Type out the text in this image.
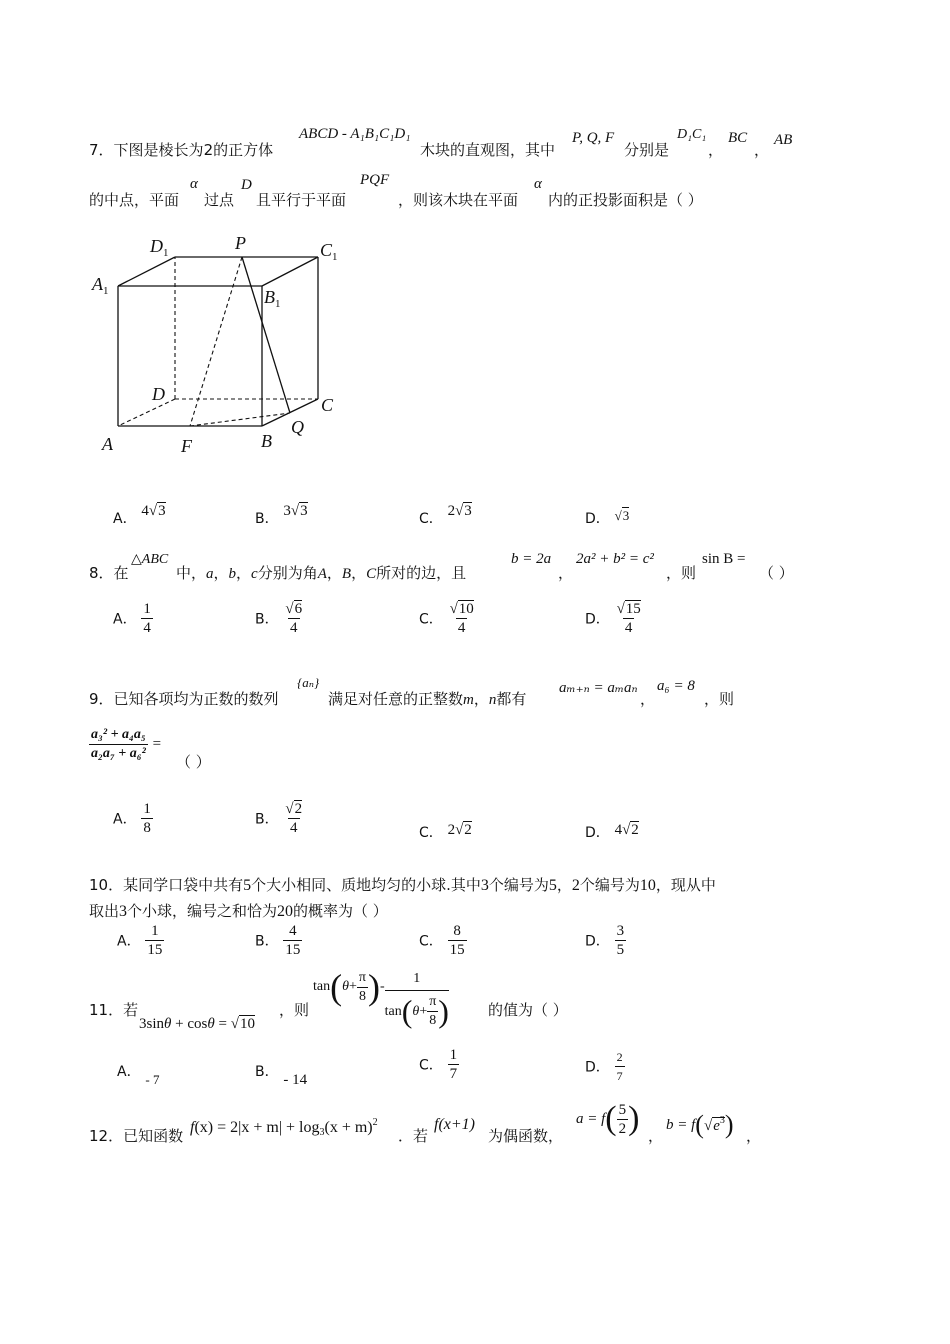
7．下图是棱长为2的正方体
ABCD - A₁B₁C₁D₁
木块的直观图，其中
P, Q, F
分别是
D₁C₁
，
BC
，
AB
的中点，平面
α
过点
D
且平行于平面
PQF
，则该木块在平面
α
内的正投影面积是（ ）
$D_1$	P	$C_1$
$A_1$	$B_1$
D
C
A	F	B
Q
A． 4√3	B． 3√3	C． 2√3	D． √3
8．在
△ABC
中，a，b，c分别为角A，B，C所对的边，且
b = 2a
，
2a² + b² = c²
，则
sin B =
（ ）
A． $\frac{1}{4}$	B． $\frac{√6}{4}$	C． $\frac{√10}{4}$	D． $\frac{√15}{4}$
9．已知各项均为正数的数列
{aₙ}
满足对任意的正整数m，n都有
aₘ₊ₙ = aₘaₙ
，
a₆ = 8
，则
$\frac{\text{a₃² + a₄a₅}}{\text{a₂a₇ + a₆²}}$ =
（ ）
A． $\frac{1}{8}$	B． $\frac{√2}{4}$	C． 2√2	D． 4√2
10．某同学口袋中共有5个大小相同、质地均匀的小球.其中3个编号为5，2个编号为10，现从中
取出3个小球，编号之和恰为20的概率为（ ）
A． $\frac{1}{15}$	B． $\frac{4}{15}$	C． $\frac{8}{15}$	D． $\frac{3}{5}$
11．若
3sinθ + cosθ = √10
，则
tan ( $\theta + \frac{\pi}{8}$ ) -
1
tan ( $\theta + \frac{\pi}{8}$ )	的值为（ ）
A． - 7	B． - 14
C． $\frac{1}{7}$	D． $\frac{2}{7}$
12．已知函数 $f(x) = 2|x + m| + \log_3(x + m)^2$
．若
f(x+1)
为偶函数，
a = f ( $\frac{5}{2}$ ) ，
b = f ( $√e^3$ ) ，
